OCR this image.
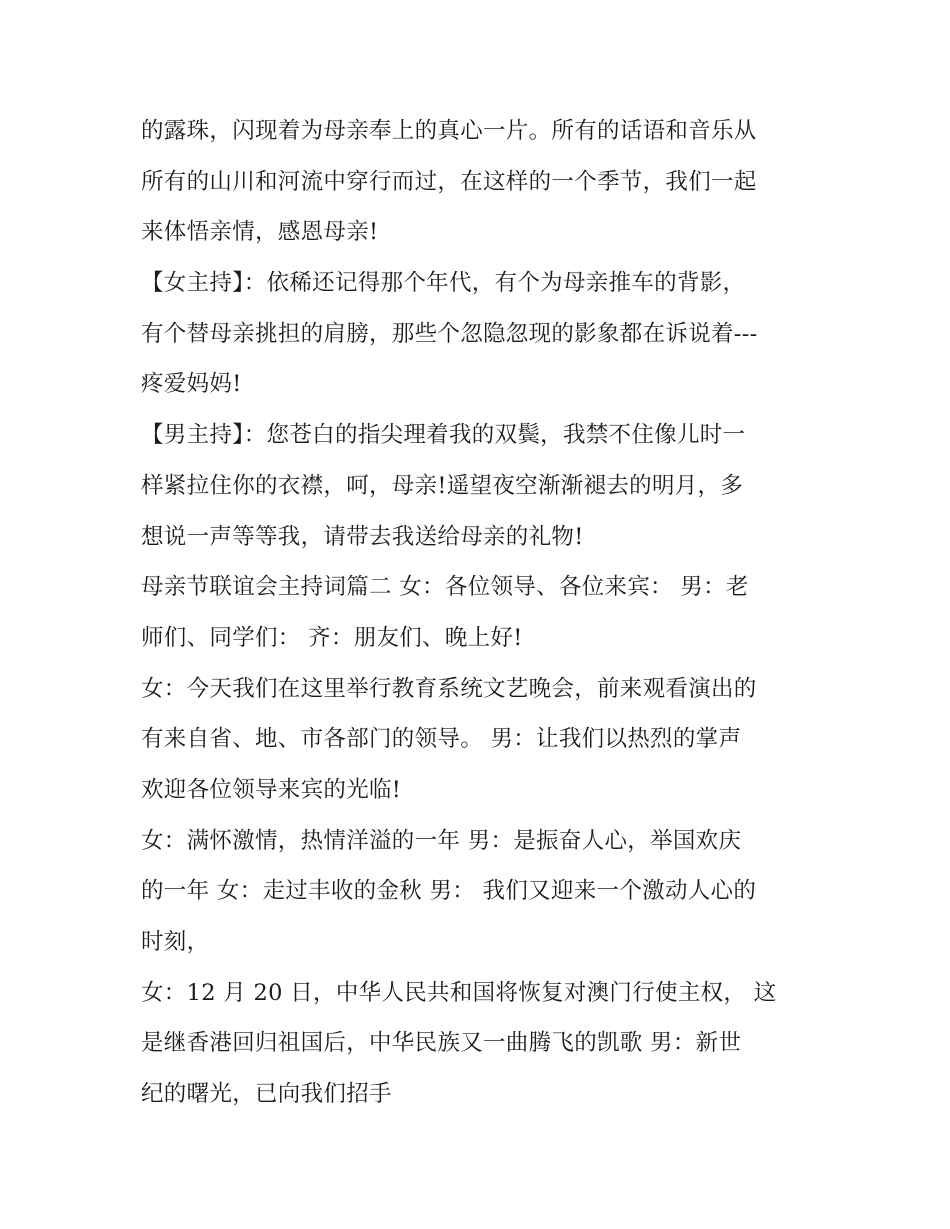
的露珠，闪现着为母亲奉上的真心一片。所有的话语和音乐从
所有的山川和河流中穿行而过，在这样的一个季节，我们一起
来体悟亲情，感恩母亲!
【女主持】：依稀还记得那个年代，有个为母亲推车的背影，
有个替母亲挑担的肩膀，那些个忽隐忽现的影象都在诉说着---
疼爱妈妈!
【男主持】：您苍白的指尖理着我的双鬓，我禁不住像儿时一
样紧拉住你的衣襟，呵，母亲!遥望夜空渐渐褪去的明月，多
想说一声等等我，请带去我送给母亲的礼物!
母亲节联谊会主持词篇二 女：各位领导、各位来宾： 男：老
师们、同学们： 齐：朋友们、晚上好!
女：今天我们在这里举行教育系统文艺晚会，前来观看演出的
有来自省、地、市各部门的领导。 男：让我们以热烈的掌声
欢迎各位领导来宾的光临!
女：满怀激情，热情洋溢的一年 男：是振奋人心，举国欢庆
的一年 女：走过丰收的金秋 男： 我们又迎来一个激动人心的
时刻，
女：12 月 20 日，中华人民共和国将恢复对澳门行使主权， 这
是继香港回归祖国后，中华民族又一曲腾飞的凯歌 男：新世
纪的曙光，已向我们招手
